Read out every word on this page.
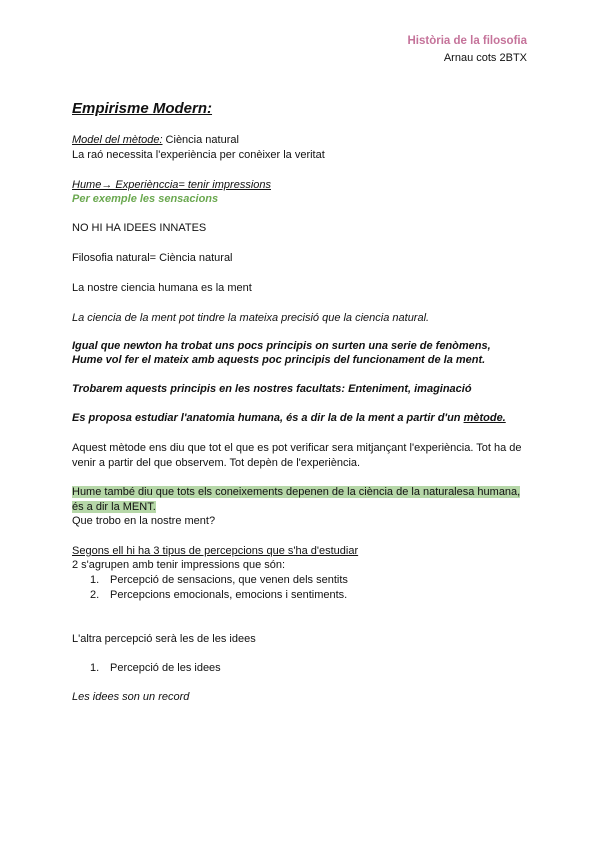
Història de la filosofia
Arnau cots 2BTX
Empirisme Modern:
Model del mètode: Ciència natural
La raó necessita l'experiència per conèixer la veritat
Hume→ Experiènccia= tenir impressions
Per exemple les sensacions
NO HI HA IDEES INNATES
Filosofia natural= Ciència natural
La nostre ciencia humana es la ment
La ciencia de la ment pot tindre la mateixa precisió que la ciencia natural.
Igual que newton ha trobat uns pocs principis on surten una serie de fenòmens,
Hume vol fer el mateix amb aquests poc principis del funcionament de la ment.
Trobarem aquests principis en les nostres facultats: Enteniment, imaginació
Es proposa estudiar l'anatomia humana, és a dir la de la ment a partir d'un mètode.
Aquest mètode ens diu que tot el que es pot verificar sera mitjançant l'experiència. Tot ha de
venir a partir del que observem. Tot depèn de l'experiència.
Hume també diu que tots els coneixements depenen de la ciència de la naturalesa humana,
és a dir la MENT.
Que trobo en la nostre ment?
Segons ell hi ha 3 tipus de percepcions que s'ha d'estudiar
2 s'agrupen amb tenir impressions que són:
1. Percepció de sensacions, que venen dels sentits
2. Percepcions emocionals, emocions i sentiments.
L'altra percepció serà les de les idees
1. Percepció de les idees
Les idees son un record
